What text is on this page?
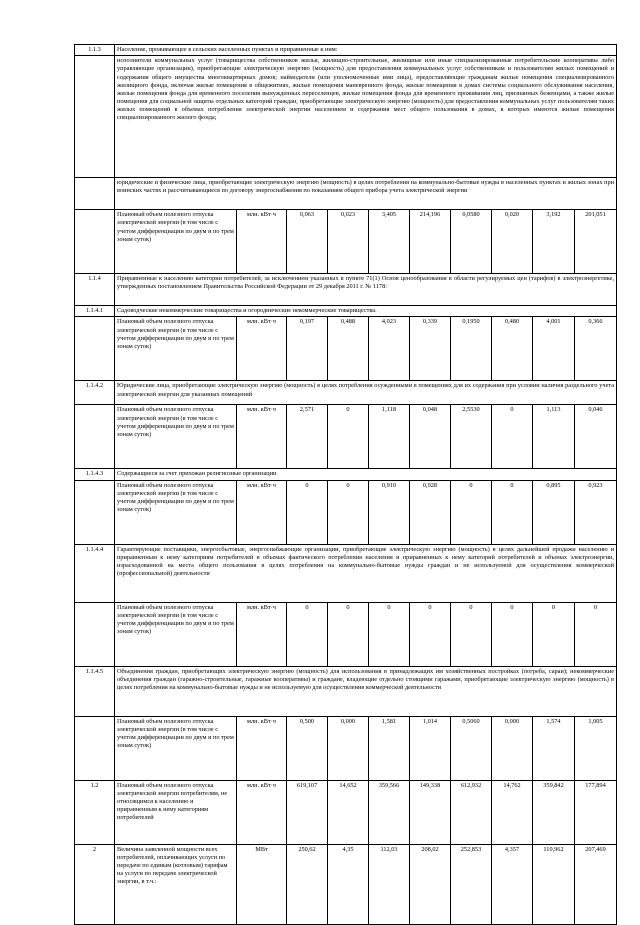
1.1.3	Население, проживающее в сельских населенных пунктах и приравненные к ним:									
	исполнители коммунальных услуг (товарищества собственников жилья, жилищно-строительные, жилищные или иные специализированные потребительские кооперативы либо управляющие организации), приобретающие электрическую энергию (мощность) для предоставления коммунальных услуг собственникам и пользователям жилых помещений и содержания общего имущества многоквартирных домов; наймодатели (или уполномоченные ими лица), предоставляющие гражданам жилые помещения специализированного жилищного фонда, включая жилые помещения в общежитиях, жилые помещения маневренного фонда, жилые помещения в домах системы социального обслуживания населения, жилые помещения фонда для временного поселения вынужденных переселенцев, жилые помещения фонда для временного проживания лиц, признанных беженцами, а также жилые помещения для социальной защиты отдельных категорий граждан, приобретающие электрическую энергию (мощность) для предоставления коммунальных услуг пользователям таких жилых помещений в объемах потребления электрической энергии населением и содержания мест общего пользования в домах, в которых имеются жилые помещения специализированного жилого фонда;									
	юридические и физические лица, приобретающие электрическую энергию (мощность) в целях потребления на коммунально-бытовые нужды в населенных пунктах и жилых зонах при воинских частях и рассчитывающиеся по договору энергоснабжения по показаниям общего прибора учета электрической энергии									
	Плановый объем полезного отпуска электрической энергии (в том числе с учетом дифференциации по двум и по трем зонам суток)	млн. кВт·ч	0,063	0,023	3,405	214,196	0,0580	0,020	3,192	201,051
1.1.4	Приравненные к населению категории потребителей, за исключением указанных в пункте 71(1) Основ ценообразования в области регулируемых цен (тарифов) в электроэнергетике, утвержденных постановлением Правительства Российской Федерации от 29 декабря 2011 г. № 1178:									
1.1.4.1	Садоводческие некоммерческие товарищества и огороднические некоммерческие товарищества.									
	Плановый объем полезного отпуска электрической энергии (в том числе с учетом дифференциации по двум и по трем зонам суток)	млн. кВт·ч	0,197	0,488	4,023	0,339	0,1950	0,480	4,001	0,366
1.1.4.2	Юридические лица, приобретающие электрическую энергию (мощность) в целях потребления осужденными в помещениях для их содержания при условии наличия раздельного учета электрической энергии для указанных помещений									
	Плановый объем полезного отпуска электрической энергии (в том числе с учетом дифференциации по двум и по трем зонам суток)	млн. кВт·ч	2,571	0	1,118	0,048	2,5530	0	1,113	0,046
1.1.4.3	Содержащиеся за счет прихожан религиозные организации									
	Плановый объем полезного отпуска электрической энергии (в том числе с учетом дифференциации по двум и по трем зонам суток)	млн. кВт·ч	0	0	0,910	0,928	0	0	0,895	0,923
1.1.4.4	Гарантирующие поставщики, энергосбытовые, энергоснабжающие организации, приобретающие электрическую энергию (мощность) в целях дальнейшей продажи населению и приравненным к нему категориям потребителей в объемах фактического потребления населения и приравненных к нему категорий потребителей и объемах электроэнергии, израсходованной на места общего пользования в целях потребления на коммунально-бытовые нужды граждан и не используемой для осуществления коммерческой (профессиональной) деятельности									
	Плановый объем полезного отпуска электрической энергии (в том числе с учетом дифференциации по двум и по трем зонам суток)	млн. кВт·ч	0	0	0	0	0	0	0	0
1.1.4.5	Объединения граждан, приобретающих электрическую энергию (мощность) для использования в принадлежащих им хозяйственных постройках (погреба, сараи); некоммерческие объединения граждан (гаражно-строительные, гаражные кооперативы) и граждане, владеющие отдельно стоящими гаражами, приобретающие электрическую энергию (мощность) в целях потребления на коммунально-бытовые нужды и не используемую для осуществления коммерческой деятельности									
	Плановый объем полезного отпуска электрической энергии (в том числе с учетом дифференциации по двум и по трем зонам суток)	млн. кВт·ч	0,500	0,000	1,581	1,014	0,5060	0,000	1,574	1,005
1.2	Плановый объем полезного отпуска электрической энергии потребителям, не относящимся к населению и приравненным к нему категориям потребителей	млн. кВт·ч	619,107	14,652	359,566	149,338	612,932	14,762	359,842	177,894
2	Величина заявленной мощности всех потребителей, оплачивающих услуги по передаче по единым (котловым) тарифам на услуги по передаче электрической энергии, в т.ч.:	МВт	250,62	4,35	112,03	208,02	252,853	4,357	110,962	207,469
